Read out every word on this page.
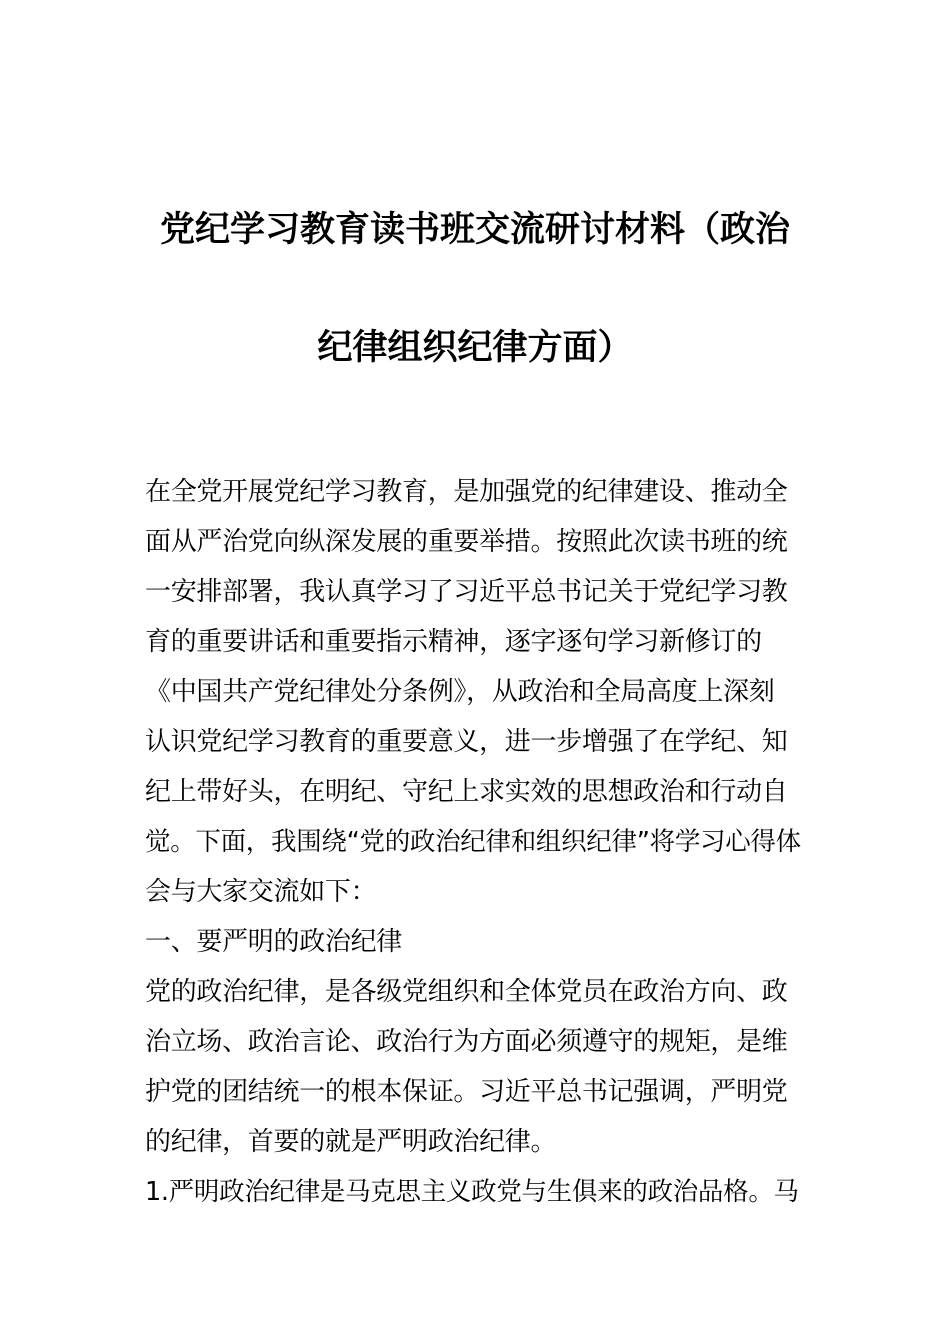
党纪学习教育读书班交流研讨材料（政治
纪律组织纪律方面）
在全党开展党纪学习教育，是加强党的纪律建设、推动全
面从严治党向纵深发展的重要举措。按照此次读书班的统
一安排部署，我认真学习了习近平总书记关于党纪学习教
育的重要讲话和重要指示精神，逐字逐句学习新修订的
《中国共产党纪律处分条例》，从政治和全局高度上深刻
认识党纪学习教育的重要意义，进一步增强了在学纪、知
纪上带好头，在明纪、守纪上求实效的思想政治和行动自
觉。下面，我围绕“党的政治纪律和组织纪律”将学习心得体
会与大家交流如下：
一、要严明的政治纪律
党的政治纪律，是各级党组织和全体党员在政治方向、政
治立场、政治言论、政治行为方面必须遵守的规矩，是维
护党的团结统一的根本保证。习近平总书记强调，严明党
的纪律，首要的就是严明政治纪律。
1.严明政治纪律是马克思主义政党与生俱来的政治品格。马
